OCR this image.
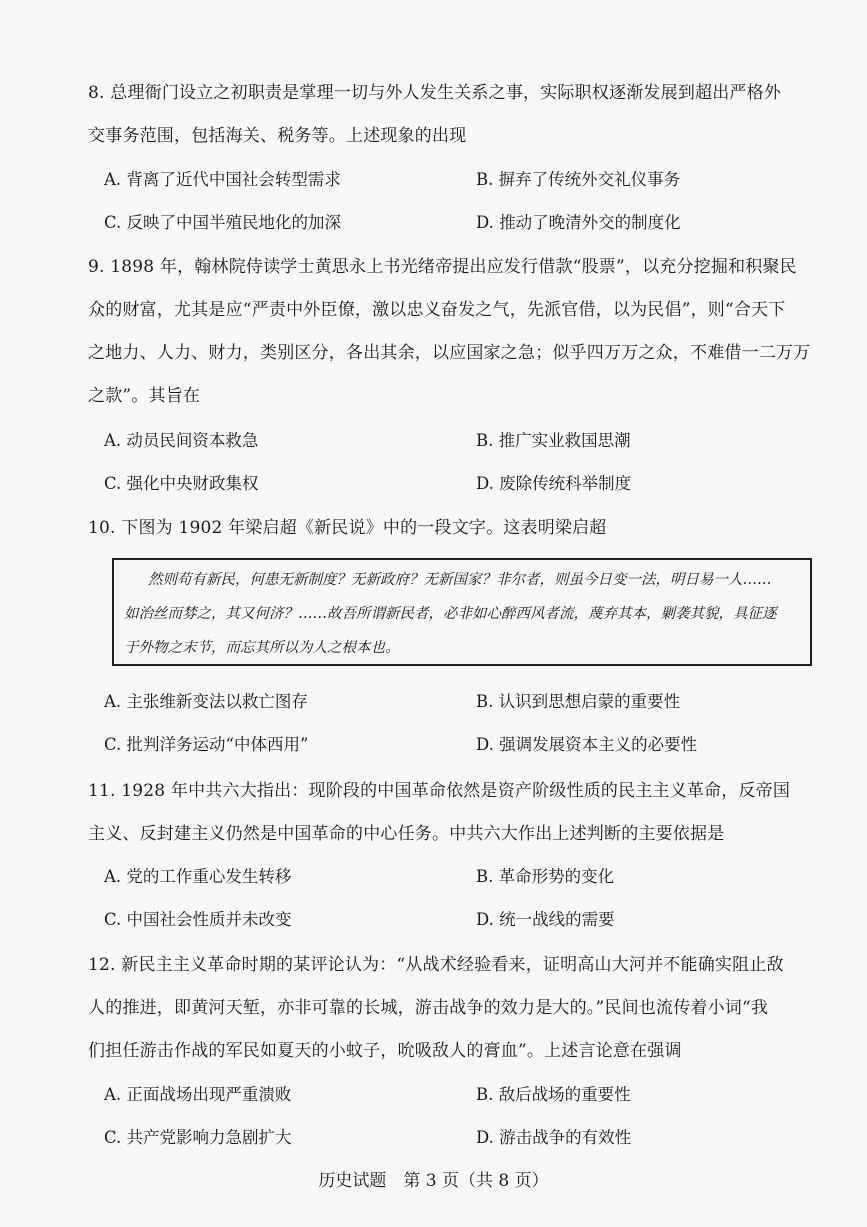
8. 总理衙门设立之初职责是掌理一切与外人发生关系之事，实际职权逐渐发展到超出严格外

交事务范围，包括海关、税务等。上述现象的出现

A. 背离了近代中国社会转型需求	B. 摒弃了传统外交礼仪事务
C. 反映了中国半殖民地化的加深	D. 推动了晚清外交的制度化

9. 1898 年，翰林院侍读学士黄思永上书光绪帝提出应发行借款“股票”，以充分挖掘和积聚民

众的财富，尤其是应“严责中外臣僚，激以忠义奋发之气，先派官借，以为民倡”，则“合天下

之地力、人力、财力，类别区分，各出其余，以应国家之急；似乎四万万之众，不难借一二万万

之款”。其旨在

A. 动员民间资本救急	B. 推广实业救国思潮
C. 强化中央财政集权	D. 废除传统科举制度

10. 下图为 1902 年梁启超《新民说》中的一段文字。这表明梁启超

然则苟有新民，何患无新制度？无新政府？无新国家？非尔者，则虽今日变一法，明日易一人……
如治丝而棼之，其又何济？……故吾所谓新民者，必非如心醉西风者流，蔑弃其本，剿袭其貌，具征逐
于外物之末节，而忘其所以为人之根本也。
A. 主张维新变法以救亡图存	B. 认识到思想启蒙的重要性
C. 批判洋务运动“中体西用”	D. 强调发展资本主义的必要性

11. 1928 年中共六大指出：现阶段的中国革命依然是资产阶级性质的民主主义革命，反帝国

主义、反封建主义仍然是中国革命的中心任务。中共六大作出上述判断的主要依据是

A. 党的工作重心发生转移	B. 革命形势的变化
C. 中国社会性质并未改变	D. 统一战线的需要

12. 新民主主义革命时期的某评论认为：“从战术经验看来，证明高山大河并不能确实阻止敌

人的推进，即黄河天堑，亦非可靠的长城，游击战争的效力是大的。”民间也流传着小词“我

们担任游击作战的军民如夏天的小蚊子，吮吸敌人的膏血”。上述言论意在强调

A. 正面战场出现严重溃败	B. 敌后战场的重要性
C. 共产党影响力急剧扩大	D. 游击战争的有效性
历史试题　第 3 页（共 8 页）
